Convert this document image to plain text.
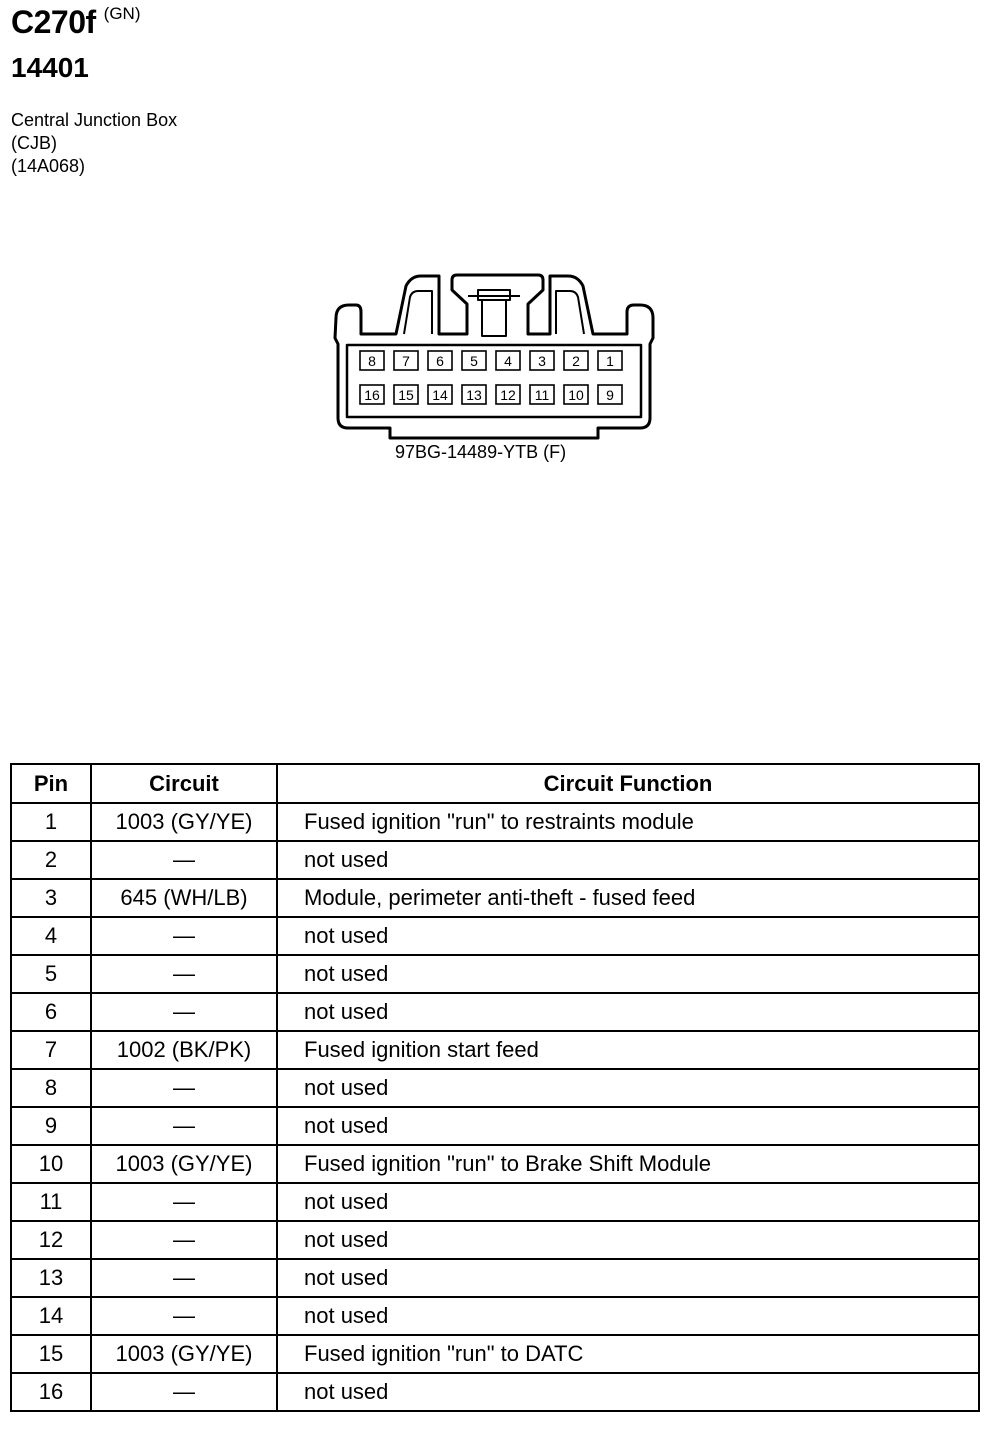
C270f (GN)
14401
Central Junction Box
(CJB)
(14A068)
8 7 6 5 4 3 2 1
16 15 14 13 12 11 10 9
97BG-14489-YTB (F)
Pin	Circuit	Circuit Function
1	1003 (GY/YE)	Fused ignition "run" to restraints module
2	—	not used
3	645 (WH/LB)	Module, perimeter anti-theft - fused feed
4	—	not used
5	—	not used
6	—	not used
7	1002 (BK/PK)	Fused ignition start feed
8	—	not used
9	—	not used
10	1003 (GY/YE)	Fused ignition "run" to Brake Shift Module
11	—	not used
12	—	not used
13	—	not used
14	—	not used
15	1003 (GY/YE)	Fused ignition "run" to DATC
16	—	not used
